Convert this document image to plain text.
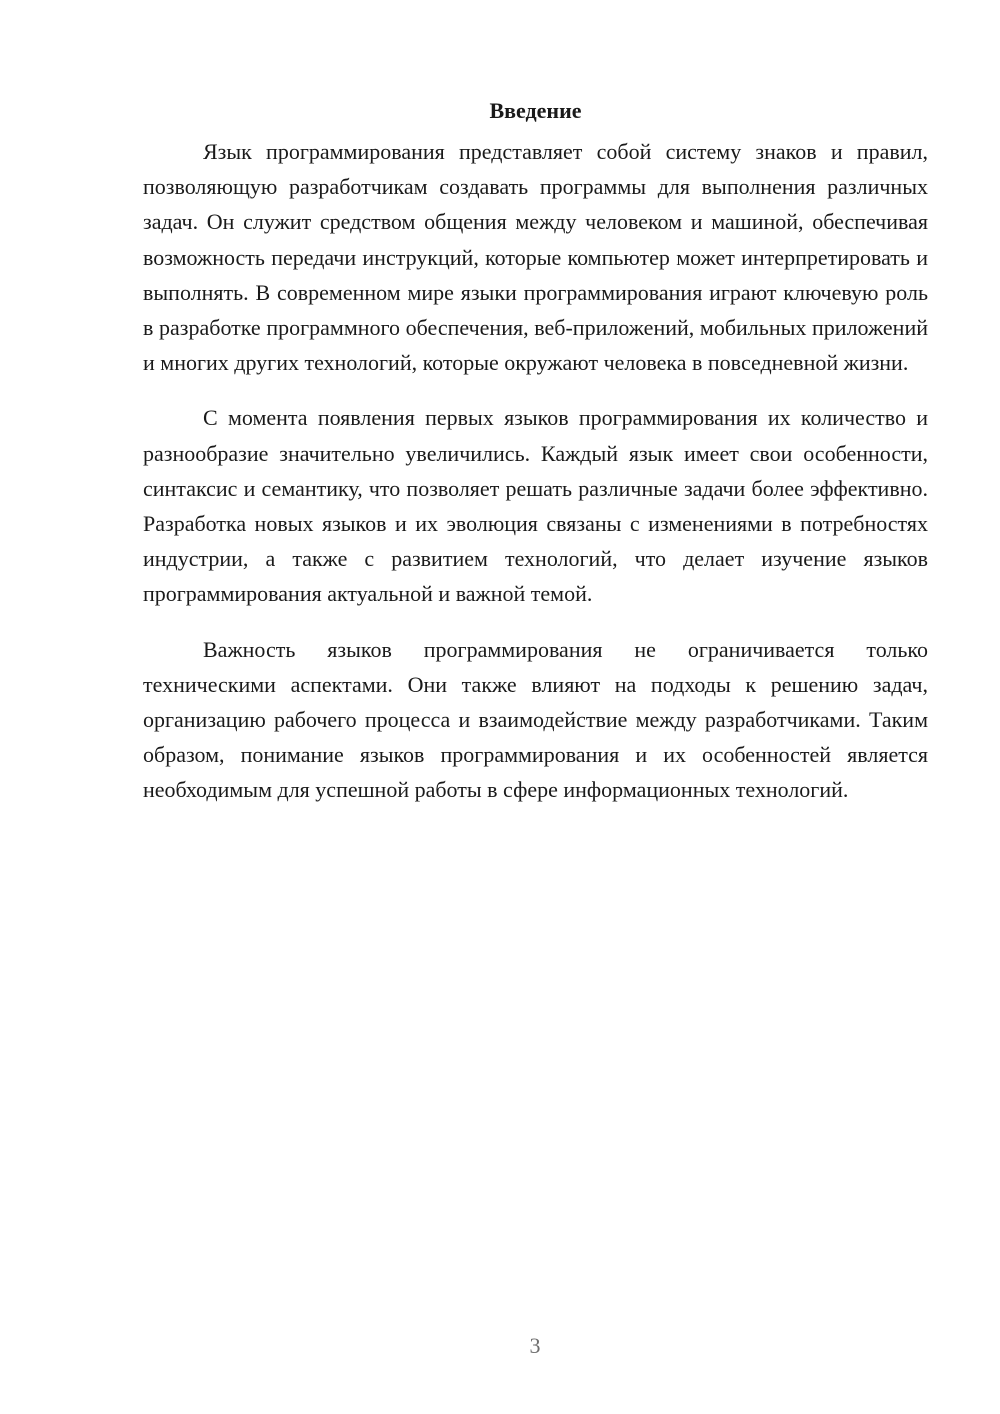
Введение

Язык программирования представляет собой систему знаков и правил, позволяющую разработчикам создавать программы для выполнения различных задач. Он служит средством общения между человеком и машиной, обеспечивая возможность передачи инструкций, которые компьютер может интерпретировать и выполнять. В современном мире языки программирования играют ключевую роль в разработке программного обеспечения, веб-приложений, мобильных приложений и многих других технологий, которые окружают человека в повседневной жизни.

С момента появления первых языков программирования их количество и разнообразие значительно увеличились. Каждый язык имеет свои особенности, синтаксис и семантику, что позволяет решать различные задачи более эффективно. Разработка новых языков и их эволюция связаны с изменениями в потребностях индустрии, а также с развитием технологий, что делает изучение языков программирования актуальной и важной темой.

Важность языков программирования не ограничивается только техническими аспектами. Они также влияют на подходы к решению задач, организацию рабочего процесса и взаимодействие между разработчиками. Таким образом, понимание языков программирования и их особенностей является необходимым для успешной работы в сфере информационных технологий.

3
